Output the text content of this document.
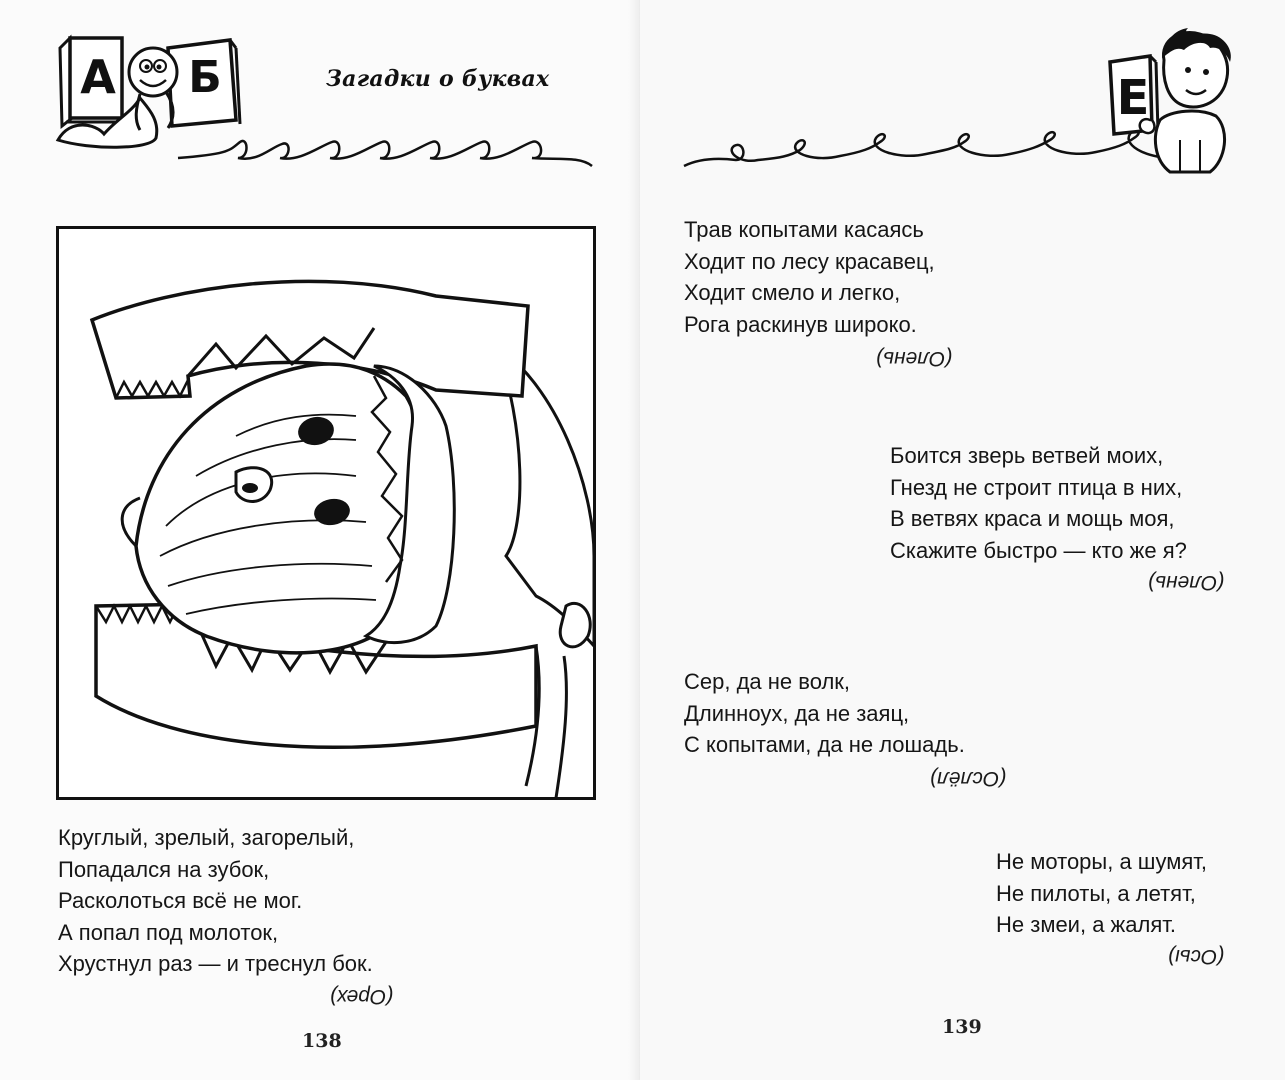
А Б	Загадки о буквах
Круглый, зрелый, загорелый,
Попадался на зубок,
Расколоться всё не мог.
А попал под молоток,
Хрустнул раз — и треснул бок.
(Орех)
138
Е
Трав копытами касаясь
Ходит по лесу красавец,
Ходит смело и легко,
Рога раскинув широко.
(Олень)
Боится зверь ветвей моих,
Гнезд не строит птица в них,
В ветвях краса и мощь моя,
Скажите быстро — кто же я?
(Олень)
Сер, да не волк,
Длинноух, да не заяц,
С копытами, да не лошадь.
(Ослёл)
Не моторы, а шумят,
Не пилоты, а летят,
Не змеи, а жалят.
(Осы)
139
